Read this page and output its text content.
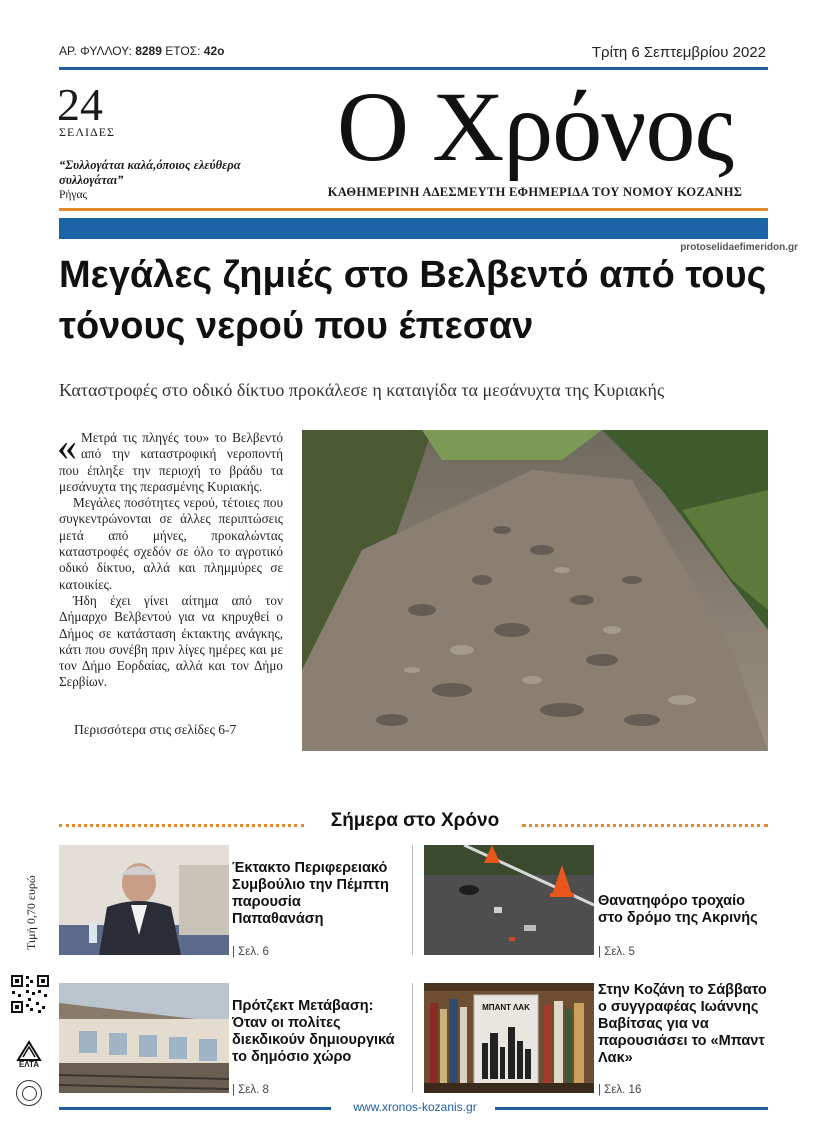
ΑΡ. ΦΥΛΛΟΥ: 8289 ΕΤΟΣ: 42ο	Τρίτη 6 Σεπτεμβρίου 2022
24
ΣΕΛΙΔΕΣ
“Συλλογάται καλά,όποιος ελεύθερα συλλογάται”
Ρήγας
Ο Χρόνος
ΚΑΘΗΜΕΡΙΝΗ ΑΔΕΣΜΕΥΤΗ ΕΦΗΜΕΡΙΔΑ ΤΟΥ ΝΟΜΟΥ ΚΟΖΑΝΗΣ
protoselidaefimeridon.gr
Μεγάλες ζημιές στο Βελβεντό από τους τόνους νερού που έπεσαν
Καταστροφές στο οδικό δίκτυο προκάλεσε η καταιγίδα τα μεσάνυχτα της Κυριακής

« Μετρά τις πληγές του» το Βελβεντό από την καταστροφική νεροποντή που έπληξε την περιοχή το βράδυ τα μεσάνυχτα της περασμένης Κυριακής.

Μεγάλες ποσότητες νερού, τέτοιες που συγκεντρώνονται σε άλλες περιπτώσεις μετά από μήνες, προκαλώντας καταστροφές σχεδόν σε όλο το αγροτικό οδικό δίκτυο, αλλά και πλημμύρες σε κατοικίες.

Ήδη έχει γίνει αίτημα από τον Δήμαρχο Βελβεντού για να κηρυχθεί ο Δήμος σε κατάσταση έκτακτης ανάγκης, κάτι που συνέβη πριν λίγες ημέρες και με τον Δήμο Εορδαίας, αλλά και τον Δήμο Σερβίων.

Περισσότερα στις σελίδες 6-7
Σήμερα στο Χρόνο
Τιμή 0,70 ευρώ
ΕΛΤΑ
Έκτακτο Περιφερειακό Συμβούλιο την Πέμπτη παρουσία Παπαθανάση
| Σελ. 6
Θανατηφόρο τροχαίο στο δρόμο της Ακρινής
| Σελ. 5
Πρότζεκτ Μετάβαση: Όταν οι πολίτες διεκδικούν δημιουργικά το δημόσιο χώρο
| Σελ. 8
ΜΠΑΝΤ ΛΑΚ
Στην Κοζάνη το Σάββατο ο συγγραφέας Ιωάννης Βαβίτσας για να παρουσιάσει το «Μπαντ Λακ»
| Σελ. 16
www.xronos-kozanis.gr
